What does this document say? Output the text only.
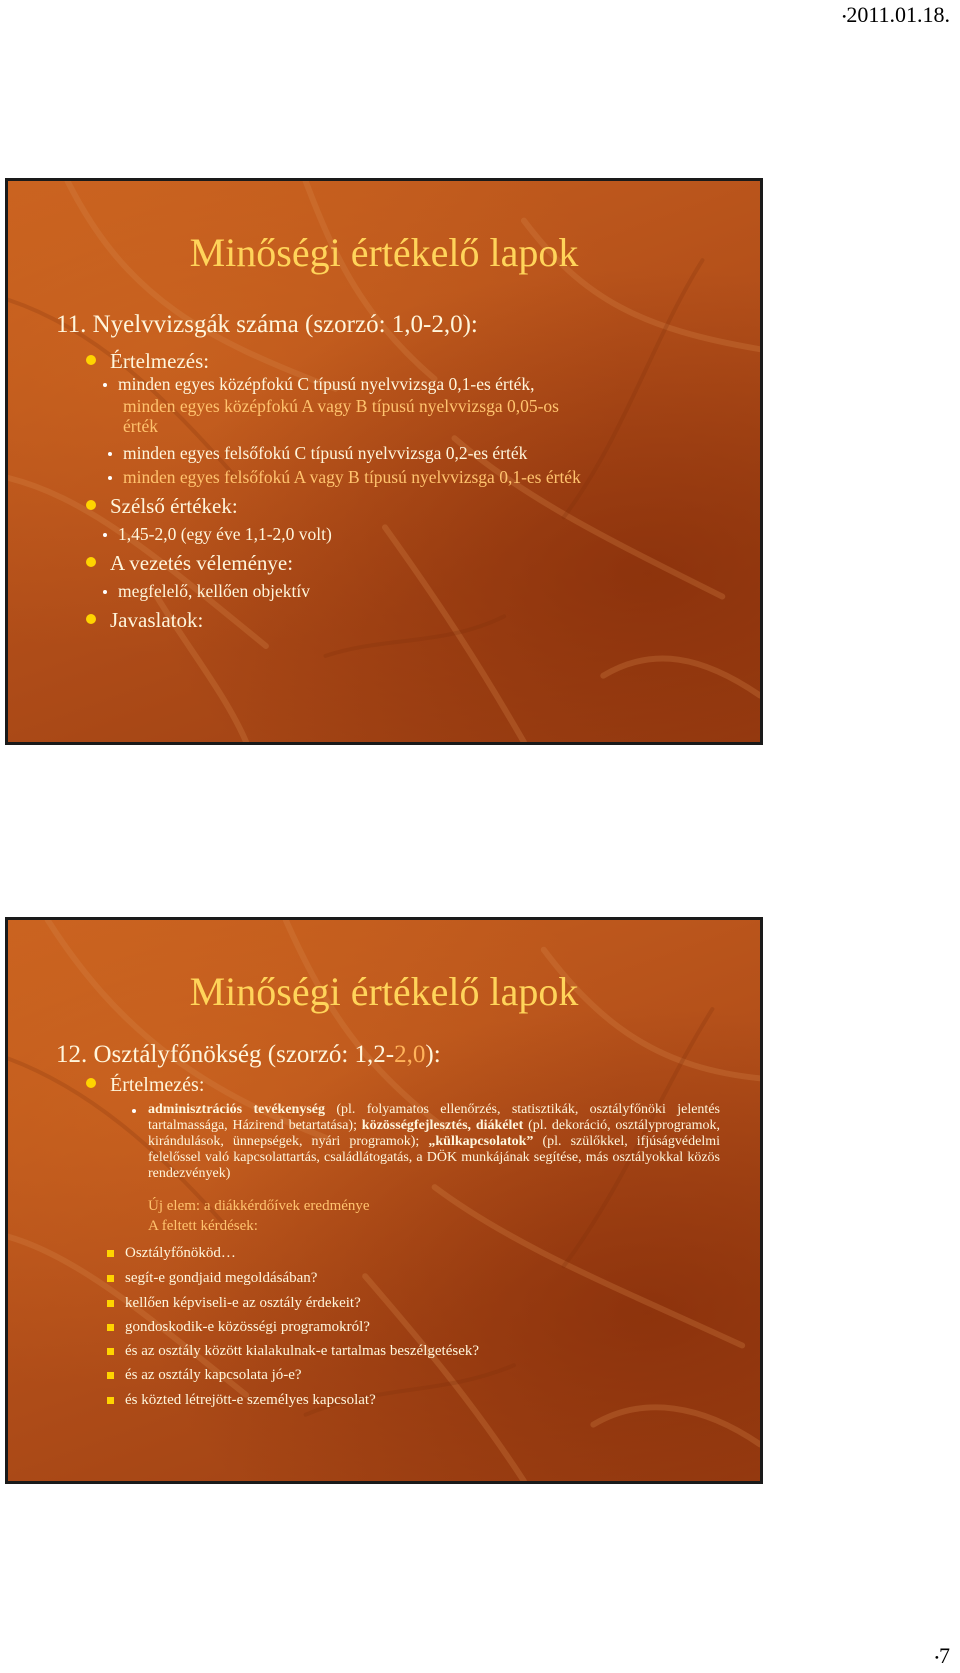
•2011.01.18.
Minőségi értékelő lapok
11. Nyelvvizsgák száma (szorzó: 1,0-2,0):
Értelmezés:
minden egyes középfokú C típusú nyelvvizsga 0,1-es érték,
minden egyes középfokú A vagy B típusú nyelvvizsga 0,05-os
érték
minden egyes felsőfokú C típusú nyelvvizsga 0,2-es érték
minden egyes felsőfokú A vagy B típusú nyelvvizsga 0,1-es érték
Szélső értékek:
1,45-2,0 (egy éve 1,1-2,0 volt)
A vezetés véleménye:
megfelelő, kellően objektív
Javaslatok:
Minőségi értékelő lapok
12. Osztályfőnökség (szorzó: 1,2-2,0):
Értelmezés:
adminisztrációs tevékenység (pl. folyamatos ellenőrzés, statisztikák, osztályfőnöki jelentés tartalmassága, Házirend betartatása); közösségfejlesztés, diákélet (pl. dekoráció, osztályprogramok, kirándulások, ünnepségek, nyári programok); „külkapcsolatok” (pl. szülőkkel, ifjúságvédelmi felelőssel való kapcsolattartás, családlátogatás, a DÖK munkájának segítése, más osztályokkal közös rendezvények)
Új elem: a diákkérdőívek eredménye
A feltett kérdések:
Osztályfőnököd…
segít-e gondjaid megoldásában?
kellően képviseli-e az osztály érdekeit?
gondoskodik-e közösségi programokról?
és az osztály között kialakulnak-e tartalmas beszélgetések?
és az osztály kapcsolata jó-e?
és közted létrejött-e személyes kapcsolat?
•7
